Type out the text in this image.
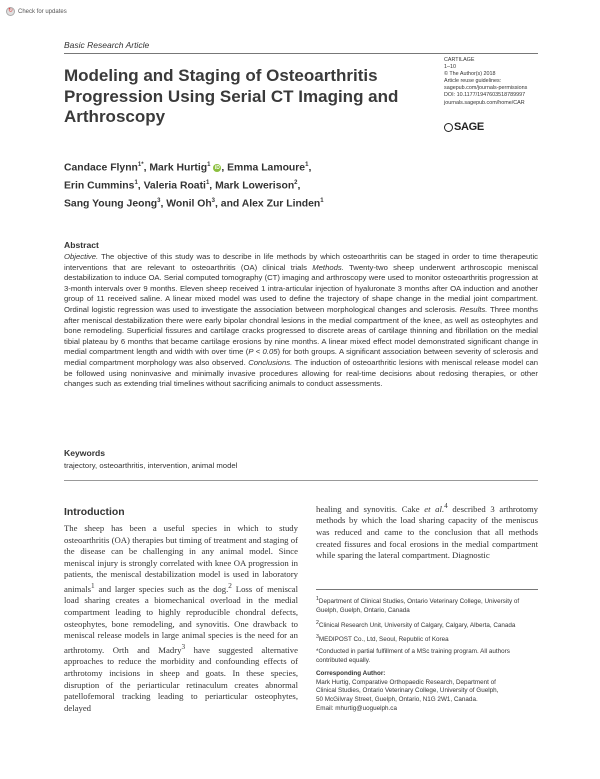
↻ Check for updates
Basic Research Article
Modeling and Staging of Osteoarthritis Progression Using Serial CT Imaging and Arthroscopy
CARTILAGE
1–10
© The Author(s) 2018
Article reuse guidelines:
sagepub.com/journals-permissions
DOI: 10.1177/1947603518789997
journals.sagepub.com/home/CAR
SAGE
Candace Flynn$^{1*}$, Mark Hurtig$^1$ iD , Emma Lamoure$^1$,
Erin Cummins$^1$, Valeria Roati$^1$, Mark Lowerison$^2$,
Sang Young Jeong$^3$, Wonil Oh$^3$, and Alex Zur Linden$^1$
Abstract
Objective. The objective of this study was to describe in life methods by which osteoarthritis can be staged in order to time therapeutic interventions that are relevant to osteoarthritis (OA) clinical trials Methods. Twenty-two sheep underwent arthroscopic meniscal destabilization to induce OA. Serial computed tomography (CT) imaging and arthroscopy were used to monitor osteoarthritis progression at 3-month intervals over 9 months. Eleven sheep received 1 intra-articular injection of hyaluronate 3 months after OA induction and another group of 11 received saline. A linear mixed model was used to define the trajectory of shape change in the medial joint compartment. Ordinal logistic regression was used to investigate the association between morphological changes and sclerosis. Results. Three months after meniscal destabilization there were early bipolar chondral lesions in the medial compartment of the knee, as well as osteophytes and bone remodeling. Superficial fissures and cartilage cracks progressed to discrete areas of cartilage thinning and fibrillation on the medial tibial plateau by 6 months that became cartilage erosions by nine months. A linear mixed effect model demonstrated significant change in medial compartment length and width with over time (P < 0.05) for both groups. A significant association between severity of sclerosis and medial compartment morphology was also observed. Conclusions. The induction of osteoarthritic lesions with meniscal release model can be followed using noninvasive and minimally invasive procedures allowing for real-time decisions about redosing therapies, or other changes such as extending trial timelines without sacrificing animals to conduct assessments.
Keywords
trajectory, osteoarthritis, intervention, animal model
Introduction
The sheep has been a useful species in which to study osteoarthritis (OA) therapies but timing of treatment and staging of the disease can be challenging in any animal model. Since meniscal injury is strongly correlated with knee OA progression in patients, the meniscal destabilization model is used in laboratory animals$^1$ and larger species such as the dog.$^2$ Loss of meniscal load sharing creates a biomechanical overload in the medial compartment leading to highly reproducible chondral defects, osteophytes, bone remodeling, and synovitis. One drawback to meniscal release models in large animal species is the need for an arthrotomy. Orth and Madry$^3$ have suggested alternative approaches to reduce the morbidity and confounding effects of arthrotomy incisions in sheep and goats. In these species, disruption of the periarticular retinaculum creates abnormal patellofemoral tracking leading to periarticular osteophytes, delayed
healing and synovitis. Cake et al.$^4$ described 3 arthrotomy methods by which the load sharing capacity of the meniscus was reduced and came to the conclusion that all methods created fissures and focal erosions in the medial compartment while sparing the lateral compartment. Diagnostic

$^1$Department of Clinical Studies, Ontario Veterinary College, University of Guelph, Guelph, Ontario, Canada

$^2$Clinical Research Unit, University of Calgary, Calgary, Alberta, Canada

$^3$MEDIPOST Co., Ltd, Seoul, Republic of Korea

*Conducted in partial fulfillment of a MSc training program. All authors contributed equally.

Corresponding Author:
Mark Hurtig, Comparative Orthopaedic Research, Department of
Clinical Studies, Ontario Veterinary College, University of Guelph,
50 McGilvray Street, Guelph, Ontario, N1G 2W1, Canada.
Email: mhurtig@uoguelph.ca
